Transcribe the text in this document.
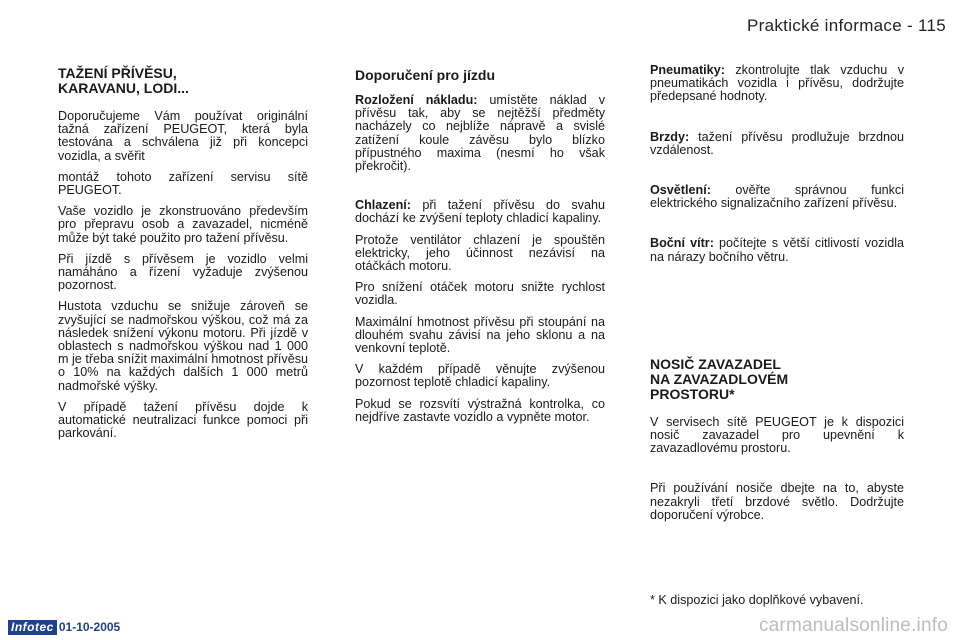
Praktické informace - 115
TAŽENÍ PŘÍVĚSU,
KARAVANU, LODI...

Doporučujeme Vám používat originální tažná zařízení PEUGEOT, která byla testována a schválena již při koncepci vozidla, a svěřit

montáž tohoto zařízení servisu sítě PEUGEOT.

Vaše vozidlo je zkonstruováno především pro přepravu osob a zavazadel, nicméně může být také použito pro tažení přívěsu.

Při jízdě s přívěsem je vozidlo velmi namáháno a řízení vyžaduje zvýšenou pozornost.

Hustota vzduchu se snižuje zároveň se zvyšující se nadmořskou výškou, což má za následek snížení výkonu motoru. Při jízdě v oblastech s nadmořskou výškou nad 1 000 m je třeba snížit maximální hmotnost přívěsu o 10% na každých dalších 1 000 metrů nadmořské výšky.

V případě tažení přívěsu dojde k automatické neutralizaci funkce pomoci při parkování.

Doporučení pro jízdu

Rozložení nákladu: umístěte náklad v přívěsu tak, aby se nejtěžší předměty nacházely co nejblíže nápravě a svislé zatížení koule závěsu bylo blízko přípustného maxima (nesmí ho však překročit).

Chlazení: při tažení přívěsu do svahu dochází ke zvýšení teploty chladicí kapaliny.

Protože ventilátor chlazení je spouštěn elektricky, jeho účinnost nezávisí na otáčkách motoru.

Pro snížení otáček motoru snižte rychlost vozidla.

Maximální hmotnost přívěsu při stoupání na dlouhém svahu závisí na jeho sklonu a na venkovní teplotě.

V každém případě věnujte zvýšenou pozornost teplotě chladicí kapaliny.

Pokud se rozsvítí výstražná kontrolka, co nejdříve zastavte vozidlo a vypněte motor.

Pneumatiky: zkontrolujte tlak vzduchu v pneumatikách vozidla i přívěsu, dodržujte předepsané hodnoty.

Brzdy: tažení přívěsu prodlužuje brzdnou vzdálenost.

Osvětlení: ověřte správnou funkci elektrického signalizačního zařízení přívěsu.

Boční vítr: počítejte s větší citlivostí vozidla na nárazy bočního větru.

NOSIČ ZAVAZADEL
NA ZAVAZADLOVÉM
PROSTORU*

V servisech sítě PEUGEOT je k dispozici nosič zavazadel pro upevnění k zavazadlovému prostoru.

Při používání nosiče dbejte na to, abyste nezakryli třetí brzdové světlo. Dodržujte doporučení výrobce.

* K dispozici jako doplňkové vybavení.
Infotec 01-10-2005	carmanualsonline.info
